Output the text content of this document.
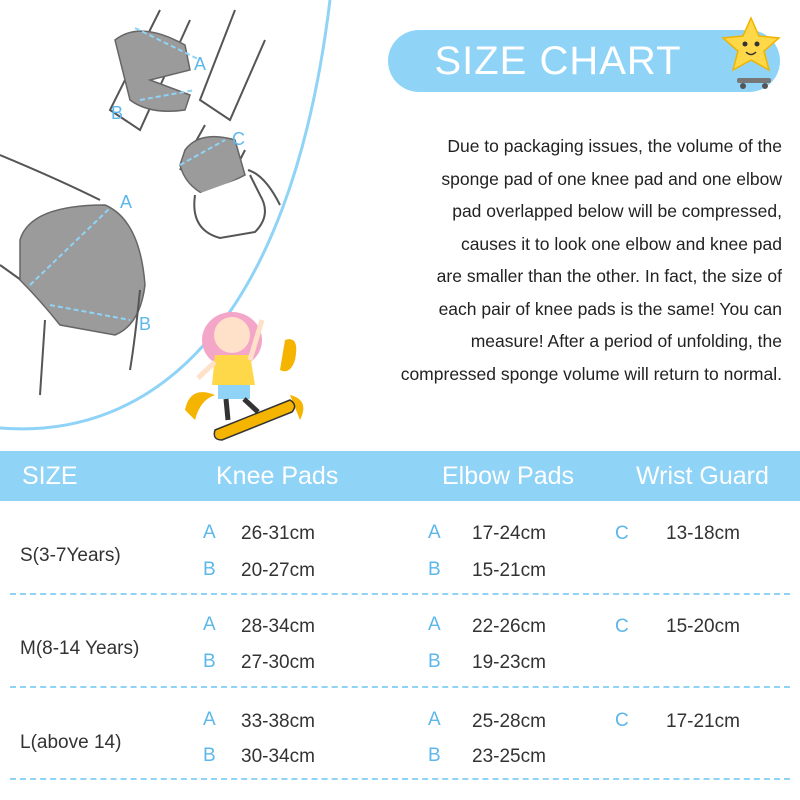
A
B
C
A
B
SIZE CHART
Due to packaging issues, the volume of the
sponge pad of one knee pad and one elbow
pad overlapped below will be compressed,
causes it to look one elbow and knee pad
are smaller than the other. In fact, the size of
each pair of knee pads is the same! You can
measure! After a period of unfolding, the
compressed sponge volume will return to normal.
SIZE	Knee Pads	Elbow Pads Wrist Guard
S(3-7Years)
A 26-31cm
B 20-27cm
A 17-24cm
B 15-21cm
C 13-18cm
M(8-14 Years)
A 28-34cm
B 27-30cm
A 22-26cm
B 19-23cm
C 15-20cm
L(above 14)
A 33-38cm
B 30-34cm
A 25-28cm
B 23-25cm
C 17-21cm
